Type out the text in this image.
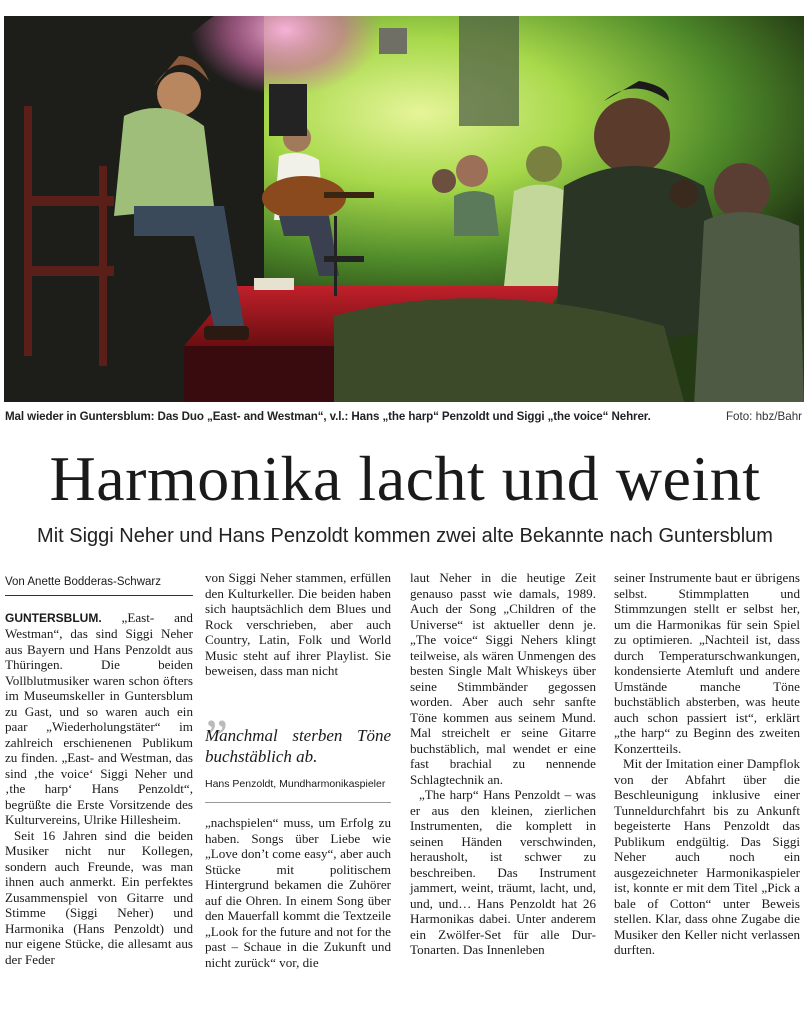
Mal wieder in Guntersblum: Das Duo „East- and Westman“, v.l.: Hans „the harp“ Penzoldt und Siggi „the voice“ Nehrer.	Foto: hbz/Bahr
Harmonika lacht und weint
Mit Siggi Neher und Hans Penzoldt kommen zwei alte Bekannte nach Guntersblum
Von Anette Bodderas-Schwarz

GUNTERSBLUM. „East- and Westman“, das sind Siggi Neher aus Bayern und Hans Penzoldt aus Thüringen. Die beiden Vollblutmusiker waren schon öfters im Museumskeller in Guntersblum zu Gast, und so waren auch ein paar „Wiederholungstäter“ im zahlreich erschienenen Publikum zu finden. „East- and Westman, das sind ‚the voice‘ Siggi Neher und ‚the harp‘ Hans Penzoldt“, begrüßte die Erste Vorsitzende des Kulturvereins, Ulrike Hillesheim.

Seit 16 Jahren sind die beiden Musiker nicht nur Kollegen, sondern auch Freunde, was man ihnen auch anmerkt. Ein perfektes Zusammenspiel von Gitarre und Stimme (Siggi Neher) und Harmonika (Hans Penzoldt) und nur eigene Stücke, die allesamt aus der Feder

von Siggi Neher stammen, erfüllen den Kulturkeller. Die beiden haben sich hauptsächlich dem Blues und Rock verschrieben, aber auch Country, Latin, Folk und World Music steht auf ihrer Playlist. Sie beweisen, dass man nicht

„
Manchmal sterben Töne buchstäblich ab.
Hans Penzoldt, Mundharmonikaspieler

„nachspielen“ muss, um Erfolg zu haben. Songs über Liebe wie „Love don’t come easy“, aber auch Stücke mit politischem Hintergrund bekamen die Zuhörer auf die Ohren. In einem Song über den Mauerfall kommt die Textzeile „Look for the future and not for the past – Schaue in die Zukunft und nicht zurück“ vor, die

laut Neher in die heutige Zeit genauso passt wie damals, 1989. Auch der Song „Children of the Universe“ ist aktueller denn je. „The voice“ Siggi Nehers klingt teilweise, als wären Unmengen des besten Single Malt Whiskeys über seine Stimmbänder gegossen worden. Aber auch sehr sanfte Töne kommen aus seinem Mund. Mal streichelt er seine Gitarre buchstäblich, mal wendet er eine fast brachial zu nennende Schlagtechnik an.

„The harp“ Hans Penzoldt – was er aus den kleinen, zierlichen Instrumenten, die komplett in seinen Händen verschwinden, herausholt, ist schwer zu beschreiben. Das Instrument jammert, weint, träumt, lacht, und, und, und… Hans Penzoldt hat 26 Harmonikas dabei. Unter anderem ein Zwölfer-Set für alle Dur-Tonarten. Das Innenleben

seiner Instrumente baut er übrigens selbst. Stimmplatten und Stimmzungen stellt er selbst her, um die Harmonikas für sein Spiel zu optimieren. „Nachteil ist, dass durch Temperaturschwankungen, kondensierte Atemluft und andere Umstände manche Töne buchstäblich absterben, was heute auch schon passiert ist“, erklärt „the harp“ zu Beginn des zweiten Konzertteils.

Mit der Imitation einer Dampflok von der Abfahrt über die Beschleunigung inklusive einer Tunneldurchfahrt bis zu Ankunft begeisterte Hans Penzoldt das Publikum endgültig. Das Siggi Neher auch noch ein ausgezeichneter Harmonikaspieler ist, konnte er mit dem Titel „Pick a bale of Cotton“ unter Beweis stellen. Klar, dass ohne Zugabe die Musiker den Keller nicht verlassen durften.
